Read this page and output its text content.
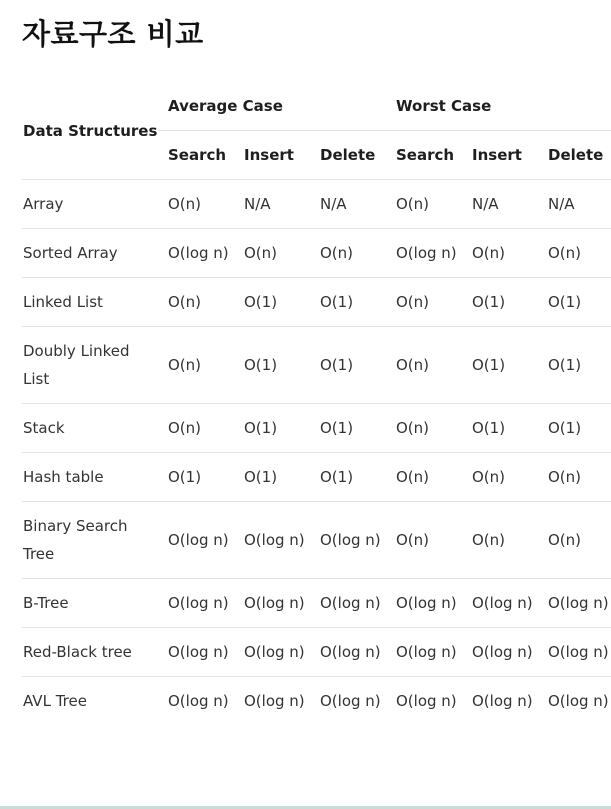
자료구조 비교
Data Structures	Average Case			Worst Case		
	Search	Insert	Delete	Search	Insert	Delete
Array	O(n)	N/A	N/A	O(n)	N/A	N/A
Sorted Array	O(log n)	O(n)	O(n)	O(log n)	O(n)	O(n)
Linked List	O(n)	O(1)	O(1)	O(n)	O(1)	O(1)
Doubly Linked List	O(n)	O(1)	O(1)	O(n)	O(1)	O(1)
Stack	O(n)	O(1)	O(1)	O(n)	O(1)	O(1)
Hash table	O(1)	O(1)	O(1)	O(n)	O(n)	O(n)
Binary Search Tree	O(log n)	O(log n)	O(log n)	O(n)	O(n)	O(n)
B-Tree	O(log n)	O(log n)	O(log n)	O(log n)	O(log n)	O(log n)
Red-Black tree	O(log n)	O(log n)	O(log n)	O(log n)	O(log n)	O(log n)
AVL Tree	O(log n)	O(log n)	O(log n)	O(log n)	O(log n)	O(log n)
